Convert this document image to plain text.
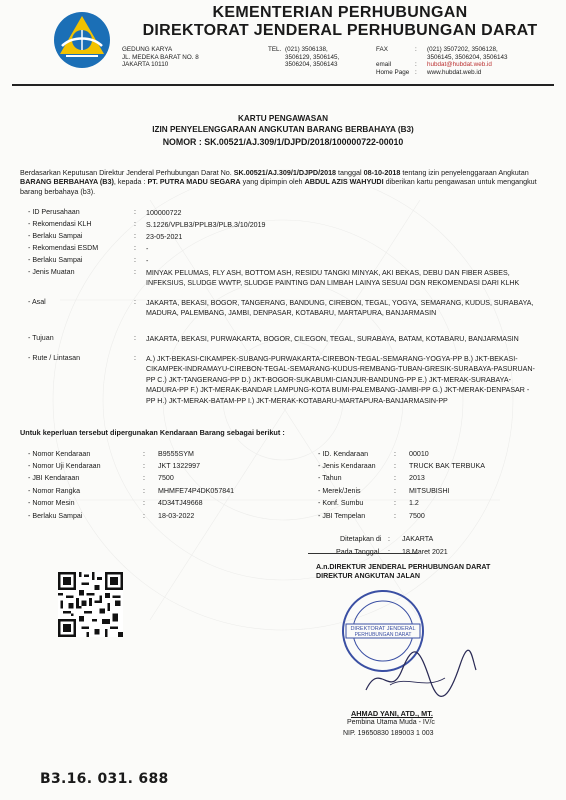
KEMENTERIAN PERHUBUNGAN
DIREKTORAT JENDERAL PERHUBUNGAN DARAT
GEDUNG KARYA
JL. MEDEKA BARAT NO. 8
JAKARTA 10110
TEL. (021) 3506138,
3506129, 3506145,
3506204, 3506143
FAX	: (021) 3507202, 3506128,
3506145, 3506204, 3506143
email	: hubdat@hubdat.web.id
Home Page : www.hubdat.web.id
KARTU PENGAWASAN
IZIN PENYELENGGARAAN ANGKUTAN BARANG BERBAHAYA (B3)
NOMOR : SK.00521/AJ.309/1/DJPD/2018/100000722-00010
Berdasarkan Keputusan Direktur Jenderal Perhubungan Darat No. SK.00521/AJ.309/1/DJPD/2018 tanggal 08-10-2018 tentang izin penyelenggaraan Angkutan BARANG BERBAHAYA (B3), kepada : PT. PUTRA MADU SEGARA yang dipimpin oleh ABDUL AZIS WAHYUDI diberikan kartu pengawasan untuk mengangkut barang berbahaya (b3).
- ID Perusahaan	: 100000722
- Rekomendasi KLH	: S.1226/VPLB3/PPLB3/PLB.3/10/2019
- Berlaku Sampai	: 23-05-2021
- Rekomendasi ESDM	: -
- Berlaku Sampai	: -
- Jenis Muatan	: MINYAK PELUMAS, FLY ASH, BOTTOM ASH, RESIDU TANGKI MINYAK, AKI BEKAS, DEBU DAN FIBER ASBES, INFEKSIUS, SLUDGE WWTP, SLUDGE PAINTING DAN LIMBAH LAINYA SESUAI DGN REKOMENDASI DARI KLHK
- Asal	: JAKARTA, BEKASI, BOGOR, TANGERANG, BANDUNG, CIREBON, TEGAL, YOGYA, SEMARANG, KUDUS, SURABAYA, MADURA, PALEMBANG, JAMBI, DENPASAR, KOTABARU, MARTAPURA, BANJARMASIN
- Tujuan	: JAKARTA, BEKASI, PURWAKARTA, BOGOR, CILEGON, TEGAL, SURABAYA, BATAM, KOTABARU, BANJARMASIN
- Rute / Lintasan	: A.) JKT-BEKASI-CIKAMPEK-SUBANG-PURWAKARTA-CIREBON-TEGAL-SEMARANG-YOGYA-PP B.) JKT-BEKASI-CIKAMPEK-INDRAMAYU-CIREBON-TEGAL-SEMARANG-KUDUS-REMBANG-TUBAN-GRESIK-SURABAYA-PASURUAN-PP C.) JKT-TANGERANG-PP D.) JKT-BOGOR-SUKABUMI-CIANJUR-BANDUNG-PP E.) JKT-MERAK-SURABAYA-MADURA-PP F.) JKT-MERAK-BANDAR LAMPUNG-KOTA BUMI-PALEMBANG-JAMBI-PP G.) JKT-MERAK-DENPASAR -PP H.) JKT-MERAK-BATAM-PP I.) JKT-MERAK-KOTABARU-MARTAPURA-BANJARMASIN-PP
Untuk keperluan tersebut dipergunakan Kendaraan Barang sebagai berikut :
- Nomor Kendaraan	: B9555SYM
- Nomor Uji Kendaraan	: JKT 1322997
- JBI Kendaraan	: 7500
- Nomor Rangka	: MHMFE74P4DK057841
- Nomor Mesin	: 4D34TJ49668
- Berlaku Sampai	: 18-03-2022
- ID. Kendaraan	: 00010
- Jenis Kendaraan	: TRUCK BAK TERBUKA
- Tahun	: 2013
- Merek/Jenis	: MITSUBISHI
- Konf. Sumbu	: 1.2
- JBI Tempelan	: 7500
Ditetapkan di : JAKARTA
Pada Tanggal : 18 Maret 2021
A.n.DIREKTUR JENDERAL PERHUBUNGAN DARAT
DIREKTUR ANGKUTAN JALAN
DIREKTORAT JENDERAL
PERHUBUNGAN DARAT
AHMAD YANI, ATD., MT.
Pembina Utama Muda - IV/c
NIP. 19650830 189003 1 003
B3.16. 031. 688
